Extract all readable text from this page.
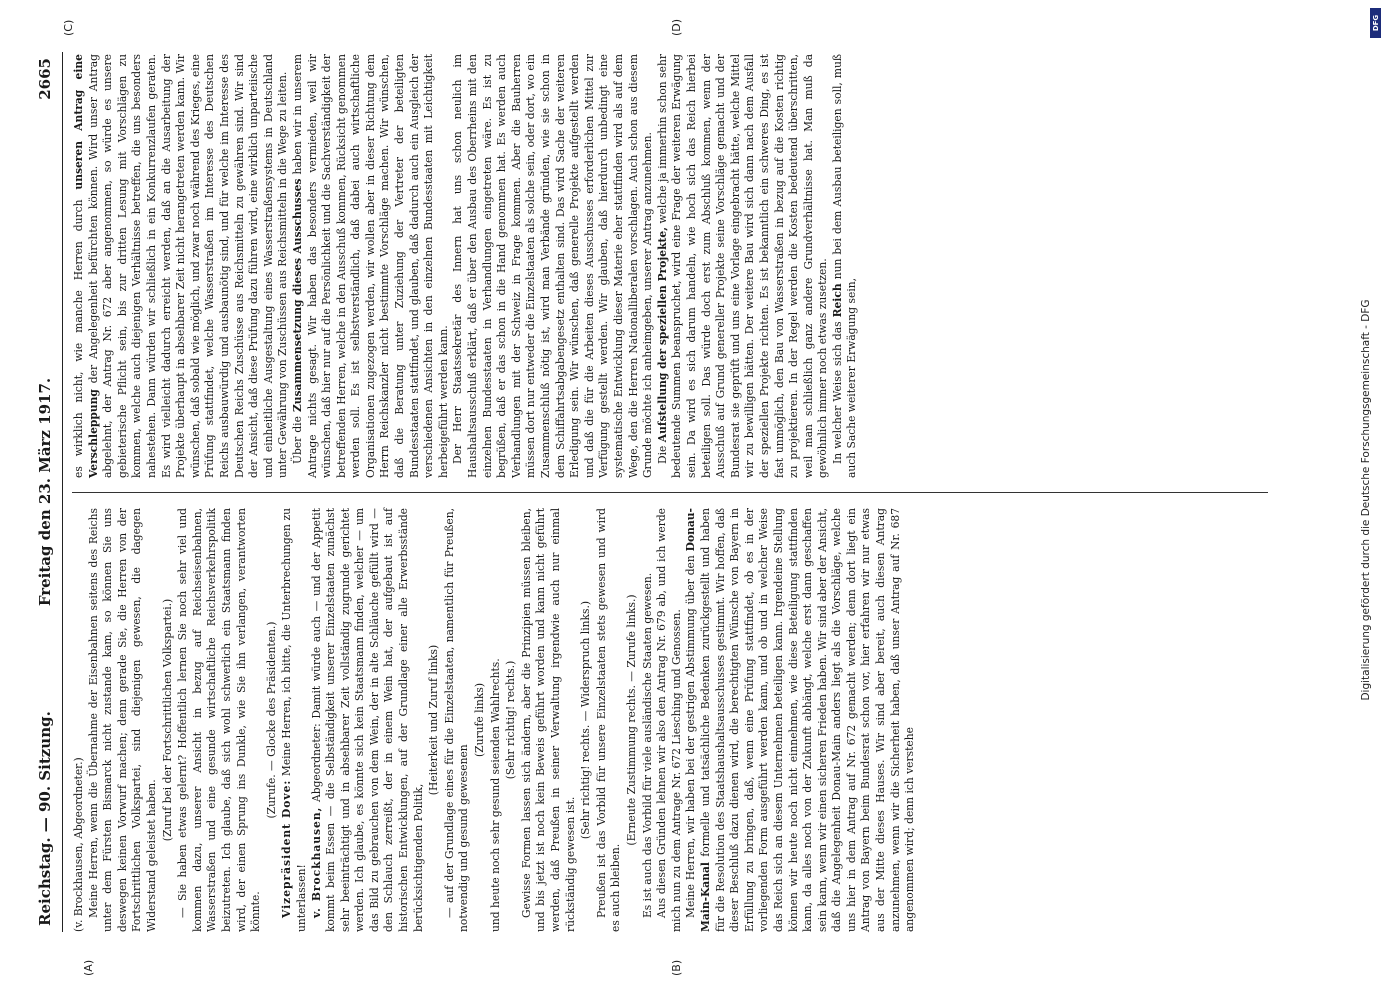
Reichstag. — 90. Sitzung.
Freitag den 23. März 1917.
2665
(A)	(B)
(C)	(D)

(v. Brockhausen, Abgeordneter.) Meine Herren, wenn die Übernahme der Eisenbahnen seitens des Reichs unter dem Fürsten Bismarck nicht zustande kam, so können Sie uns deswegen keinen Vorwurf machen; denn gerade Sie, die Herren von der Fortschrittlichen Volkspartei, sind diejenigen gewesen, die dagegen Widerstand geleistet haben.

(Zuruf bei der Fortschrittlichen Volkspartei.) — Sie haben etwas gelernt? Hoffentlich lernen Sie noch sehr viel und kommen dazu, unserer Ansicht in bezug auf Reichseisenbahnen, Wasserstraßen und eine gesunde wirtschaftliche Reichsverkehrspolitik beizutreten. Ich glaube, daß sich wohl schwerlich ein Staatsmann finden wird, der einen Sprung ins Dunkle, wie Sie ihn verlangen, verantworten könnte.

(Zurufe. — Glocke des Präsidenten.)

Vizepräsident Dove: Meine Herren, ich bitte, die Unterbrechungen zu unterlassen! v. Brockhausen, Abgeordneter: Damit würde auch — und der Appetit kommt beim Essen — die Selbständigkeit unserer Einzelstaaten zunächst sehr beeinträchtigt und in absehbarer Zeit vollständig zugrunde gerichtet werden. Ich glaube, es könnte sich kein Staatsmann finden, welcher — um das Bild zu gebrauchen von dem Wein, der in alte Schläuche gefüllt wird — den Schlauch zerreißt, der in einem Wein hat, der aufgebaut ist auf historischen Entwicklungen, auf der Grundlage einer alle Erwerbsstände berücksichtigenden Politik,

(Heiterkeit und Zuruf links) — auf der Grundlage eines für die Einzelstaaten, namentlich für Preußen, notwendig und gesund gewesenen

(Zurufe links) und heute noch sehr gesund seienden Wahlrechts. (Sehr richtig! rechts.) Gewisse Formen lassen sich ändern, aber die Prinzipien müssen bleiben, und bis jetzt ist noch kein Beweis geführt worden und kann nicht geführt werden, daß Preußen in seiner Verwaltung irgendwie auch nur einmal rückständig gewesen ist.

(Sehr richtig! rechts. — Widerspruch links.) Preußen ist das Vorbild für unsere Einzelstaaten stets gewesen und wird es auch bleiben.

(Erneute Zustimmung rechts. — Zurufe links.) Es ist auch das Vorbild für viele ausländische Staaten gewesen. Aus diesen Gründen lehnen wir also den Antrag Nr. 679 ab, und ich werde mich nun zu dem Antrage Nr. 672 Liesching und Genossen. Meine Herren, wir haben bei der gestrigen Abstimmung über den Donau-Main-Kanal formelle und tatsächliche Bedenken zurückgestellt und haben für die Resolution des Staatshaushaltsausschusses gestimmt. Wir hoffen, daß dieser Beschluß dazu dienen wird, die berechtigten Wünsche von Bayern in Erfüllung zu bringen, daß, wenn eine Prüfung stattfindet, ob es in der vorliegenden Form ausgeführt werden kann, und ob und in welcher Weise das Reich sich an diesem Unternehmen beteiligen kann. Irgendeine Stellung können wir heute noch nicht einnehmen, wie diese Beteiligung stattfinden kann, da alles noch von der Zukunft abhängt, welche erst dann geschaffen sein kann, wenn wir einen sicheren Frieden haben. Wir sind aber der Ansicht, daß die Angelegenheit Donau-Main anders liegt als die Vorschläge, welche uns hier in dem Antrag auf Nr. 672 gemacht werden; denn dort liegt ein Antrag von Bayern beim Bundesrat schon vor, hier erfahren wir nur etwas aus der Mitte dieses Hauses. Wir sind aber bereit, auch diesen Antrag anzunehmen, wenn wir die Sicherheit haben, daß unser Antrag auf Nr. 687 angenommen wird; denn ich verstehe

es wirklich nicht, wie manche Herren durch unseren Antrag eine Verschleppung der Angelegenheit befürchten können. Wird unser Antrag abgelehnt, der Antrag Nr. 672 aber angenommen, so würde es unsere gebieterische Pflicht sein, bis zur dritten Lesung mit Vorschlägen zu kommen, welche auch diejenigen Verhältnisse betreffen, die uns besonders nahestehen. Dann würden wir schließlich in ein Konkurrenzlaufen geraten. Es wird vielleicht dadurch erreicht werden, daß an die Ausarbeitung der Projekte überhaupt in absehbarer Zeit nicht herangetreten werden kann. Wir wünschen, daß sobald wie möglich, und zwar noch während des Krieges, eine Prüfung stattfindet, welche Wasserstraßen im Interesse des Deutschen Reichs ausbauwürdig und ausbaunötig sind, und für welche im Interesse des Deutschen Reichs Zuschüsse aus Reichsmitteln zu gewähren sind. Wir sind der Ansicht, daß diese Prüfung dazu führen wird, eine wirklich unparteiische und einheitliche Ausgestaltung eines Wasserstraßensystems in Deutschland unter Gewährung von Zuschüssen aus Reichsmitteln in die Wege zu leiten. Über die Zusammensetzung dieses Ausschusses haben wir in unserem Antrage nichts gesagt. Wir haben das besonders vermieden, weil wir wünschen, daß hier nur auf die Persönlichkeit und die Sachverständigkeit der betreffenden Herren, welche in den Ausschuß kommen, Rücksicht genommen werden soll. Es ist selbstverständlich, daß dabei auch wirtschaftliche Organisationen zugezogen werden, wir wollen aber in dieser Richtung dem Herrn Reichskanzler nicht bestimmte Vorschläge machen. Wir wünschen, daß die Beratung unter Zuziehung der Vertreter der beteiligten Bundesstaaten stattfindet, und glauben, daß dadurch auch ein Ausgleich der verschiedenen Ansichten in den einzelnen Bundesstaaten mit Leichtigkeit herbeigeführt werden kann. Der Herr Staatssekretär des Innern hat uns schon neulich im Haushaltsausschuß erklärt, daß er über den Ausbau des Oberrheins mit den einzelnen Bundesstaaten in Verhandlungen eingetreten wäre. Es ist zu begrüßen, daß er das schon in die Hand genommen hat. Es werden auch Verhandlungen mit der Schweiz in Frage kommen. Aber die Bauherren müssen dort nur entweder die Einzelstaaten als solche sein, oder dort, wo ein Zusammenschluß nötig ist, wird man Verbände gründen, wie sie schon in dem Schiffahrtsabgabengesetz enthalten sind. Das wird Sache der weiteren Erledigung sein. Wir wünschen, daß generelle Projekte aufgestellt werden und daß die für die Arbeiten dieses Ausschusses erforderlichen Mittel zur Verfügung gestellt werden. Wir glauben, daß hierdurch unbedingt eine systematische Entwicklung dieser Materie eher stattfinden wird als auf dem Wege, den die Herren Nationalliberalen vorschlagen. Auch schon aus diesem Grunde möchte ich anheimgeben, unserer Antrag anzunehmen. Die Aufstellung der speziellen Projekte, welche ja immerhin schon sehr bedeutende Summen beanspruchet, wird eine Frage der weiteren Erwägung sein. Da wird es sich darum handeln, wie hoch sich das Reich hierbei beteiligen soll. Das würde doch erst zum Abschluß kommen, wenn der Ausschuß auf Grund genereller Projekte seine Vorschläge gemacht und der Bundesrat sie geprüft und uns eine Vorlage eingebracht hätte, welche Mittel wir zu bewilligen hätten. Der weitere Bau wird sich dann nach dem Ausfall der speziellen Projekte richten. Es ist bekanntlich ein schweres Ding, es ist fast unmöglich, den Bau von Wasserstraßen in bezug auf die Kosten richtig zu projektieren. In der Regel werden die Kosten bedeutend überschritten, weil man schließlich ganz andere Grundverhältnisse hat. Man muß da gewöhnlich immer noch etwas zusetzen. In welcher Weise sich das Reich nun bei dem Ausbau beteiligen soll, muß auch Sache weiterer Erwägung sein,	Digitalisierung gefördert durch die Deutsche Forschungsgemeinschaft - DFG
DFG
